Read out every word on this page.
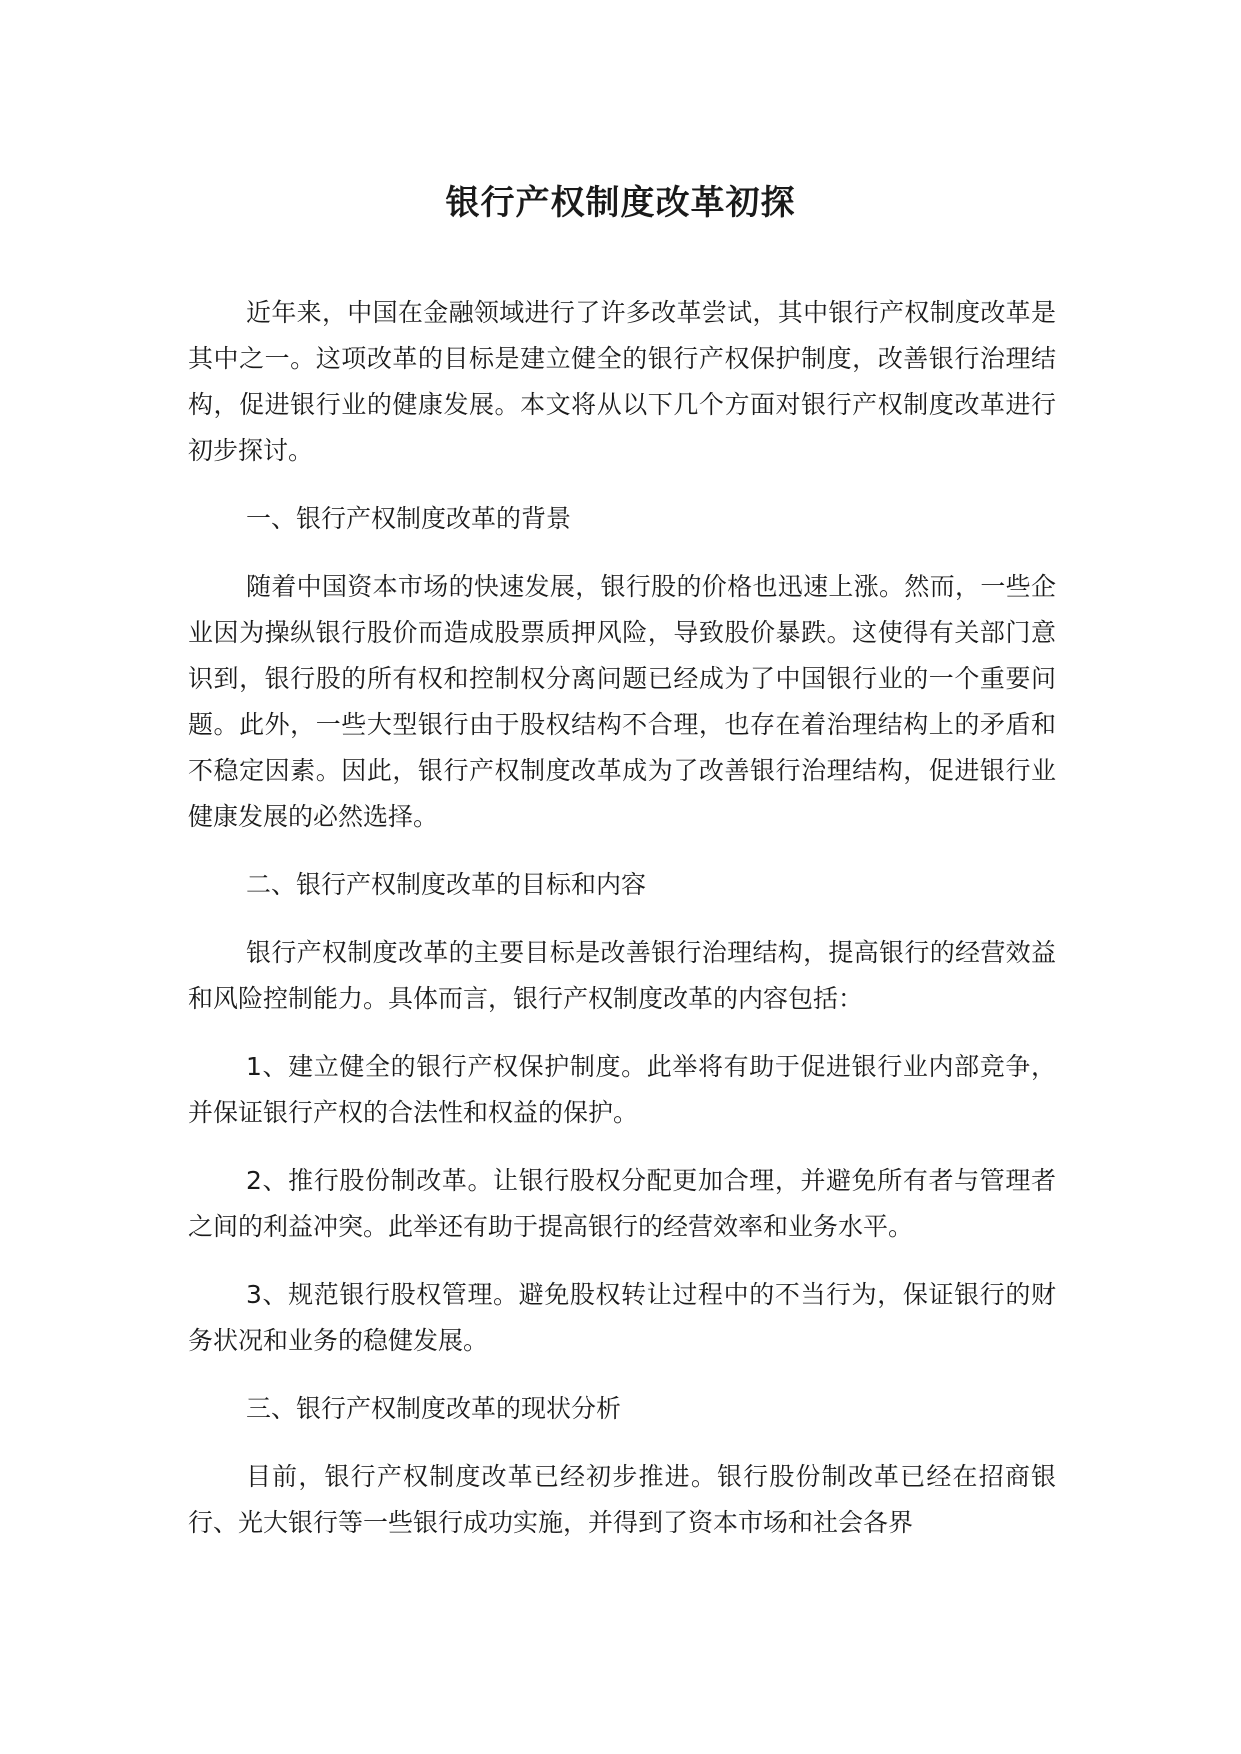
银行产权制度改革初探

近年来，中国在金融领域进行了许多改革尝试，其中银行产权制度改革是其中之一。这项改革的目标是建立健全的银行产权保护制度，改善银行治理结构，促进银行业的健康发展。本文将从以下几个方面对银行产权制度改革进行初步探讨。

一、银行产权制度改革的背景

随着中国资本市场的快速发展，银行股的价格也迅速上涨。然而，一些企业因为操纵银行股价而造成股票质押风险，导致股价暴跌。这使得有关部门意识到，银行股的所有权和控制权分离问题已经成为了中国银行业的一个重要问题。此外，一些大型银行由于股权结构不合理，也存在着治理结构上的矛盾和不稳定因素。因此，银行产权制度改革成为了改善银行治理结构，促进银行业健康发展的必然选择。

二、银行产权制度改革的目标和内容

银行产权制度改革的主要目标是改善银行治理结构，提高银行的经营效益和风险控制能力。具体而言，银行产权制度改革的内容包括：

1、建立健全的银行产权保护制度。此举将有助于促进银行业内部竞争，并保证银行产权的合法性和权益的保护。

2、推行股份制改革。让银行股权分配更加合理，并避免所有者与管理者之间的利益冲突。此举还有助于提高银行的经营效率和业务水平。

3、规范银行股权管理。避免股权转让过程中的不当行为，保证银行的财务状况和业务的稳健发展。

三、银行产权制度改革的现状分析

目前，银行产权制度改革已经初步推进。银行股份制改革已经在招商银行、光大银行等一些银行成功实施，并得到了资本市场和社会各界
